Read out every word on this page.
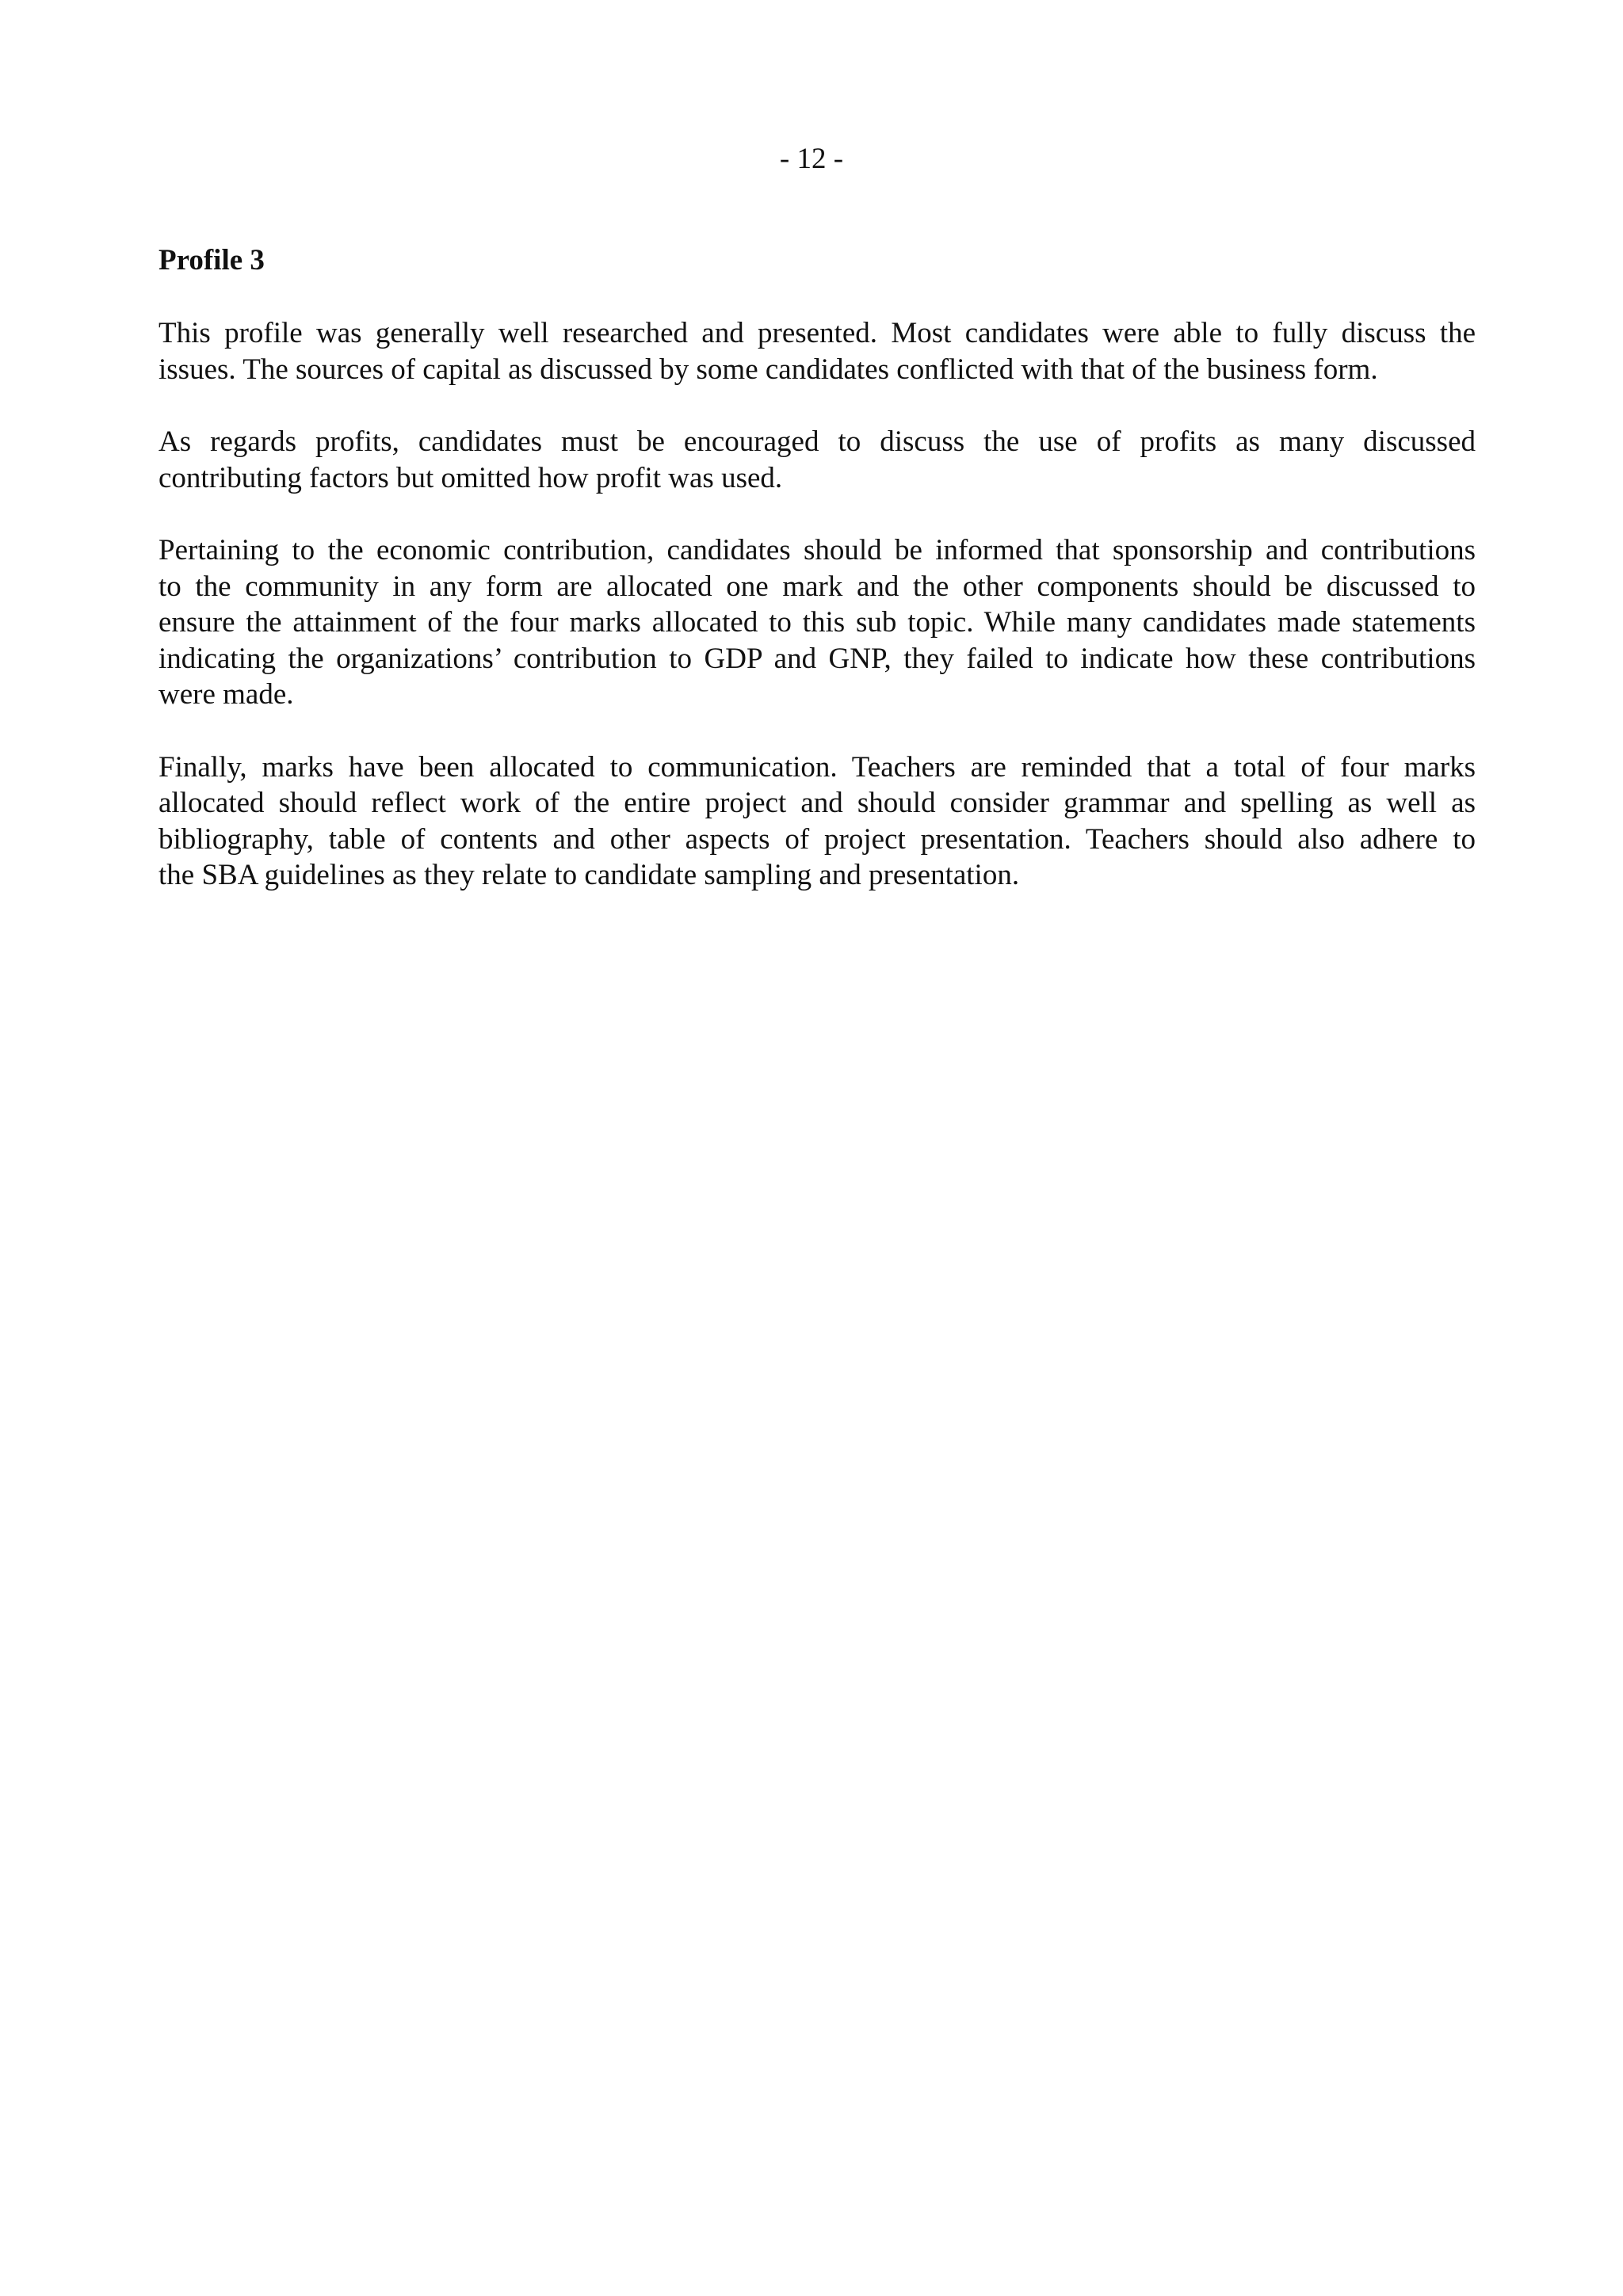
- 12 -
Profile 3

This profile was generally well researched and presented. Most candidates were able to fully discuss the
issues. The sources of capital as discussed by some candidates conflicted with that of the business form.

As regards profits, candidates must be encouraged to discuss the use of profits as many discussed
contributing factors but omitted how profit was used.

Pertaining to the economic contribution, candidates should be informed that sponsorship and contributions
to the community in any form are allocated one mark and the other components should be discussed to
ensure the attainment of the four marks allocated to this sub topic. While many candidates made statements
indicating the organizations’ contribution to GDP and GNP, they failed to indicate how these contributions
were made.

Finally, marks have been allocated to communication. Teachers are reminded that a total of four marks
allocated should reflect work of the entire project and should consider grammar and spelling as well as
bibliography, table of contents and other aspects of project presentation. Teachers should also adhere to
the SBA guidelines as they relate to candidate sampling and presentation.
